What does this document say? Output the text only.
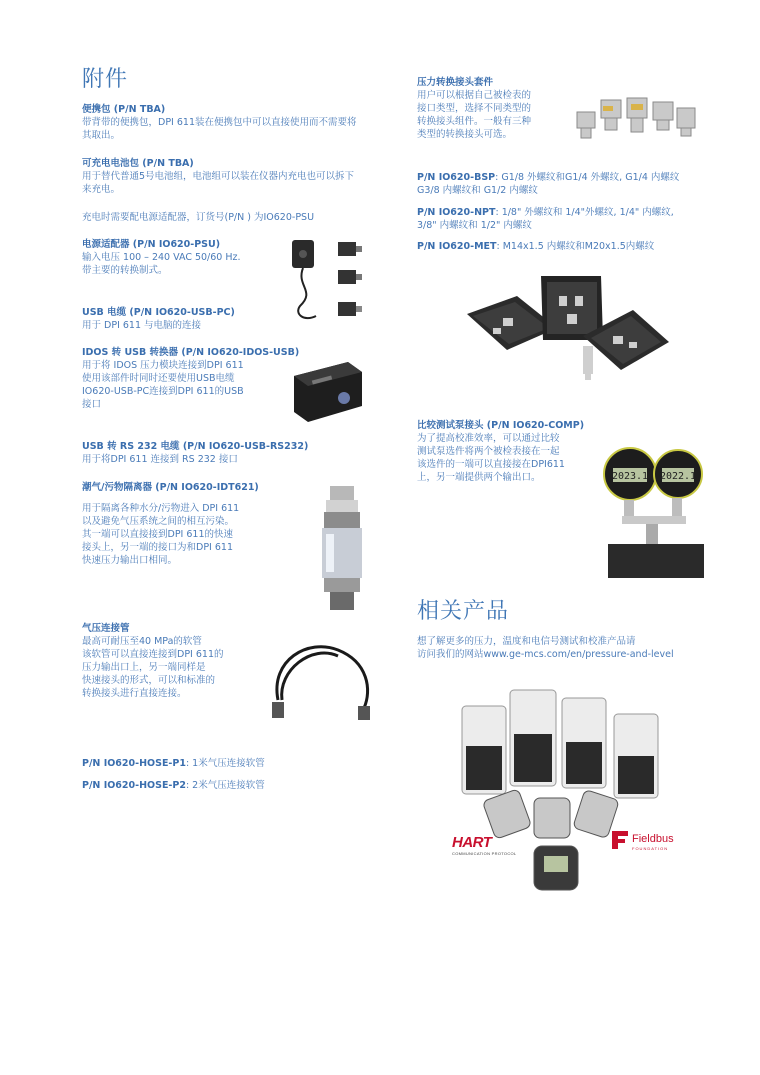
附件
便携包 (P/N TBA)
带背带的便携包，DPI 611装在便携包中可以直接使用而不需要将其取出。
可充电电池包 (P/N TBA)
用于替代普通5号电池组，电池组可以装在仪器内充电也可以拆下来充电。
充电时需要配电源适配器，订货号(P/N ) 为IO620-PSU
电源适配器 (P/N IO620-PSU)
输入电压 100 – 240 VAC 50/60 Hz.
带主要的转换制式。
USB 电缆 (P/N IO620-USB-PC)
用于 DPI 611 与电脑的连接
IDOS 转 USB 转换器 (P/N IO620-IDOS-USB)
用于将 IDOS 压力模块连接到DPI 611
使用该部件时同时还要使用USB电缆
IO620-USB-PC连接到DPI 611的USB
接口
USB 转 RS 232 电缆 (P/N IO620-USB-RS232)
用于将DPI 611 连接到 RS 232 接口
潮气/污物隔离器 (P/N IO620-IDT621)
用于隔离各种水分/污物进入 DPI 611
以及避免气压系统之间的相互污染。
其一端可以直接接到DPI 611的快速
接头上，另一端的接口为和DPI 611
快速压力输出口相同。
气压连接管
最高可耐压至40 MPa的软管
该软管可以直接连接到DPI 611的
压力输出口上，另一端同样是
快速接头的形式，可以和标准的
转换接头进行直接连接。
P/N IO620-HOSE-P1: 1米气压连接软管
P/N IO620-HOSE-P2: 2米气压连接软管
压力转换接头套件
用户可以根据自己被检表的
接口类型，选择不同类型的
转换接头组件。一般有三种
类型的转换接头可选。
P/N IO620-BSP: G1/8 外螺纹和G1/4 外螺纹, G1/4 内螺纹
G3/8 内螺纹和 G1/2 内螺纹
P/N IO620-NPT: 1/8" 外螺纹和 1/4"外螺纹, 1/4" 内螺纹,
3/8" 内螺纹和 1/2" 内螺纹
P/N IO620-MET: M14x1.5 内螺纹和M20x1.5内螺纹
比较测试泵接头 (P/N IO620-COMP)
为了提高校准效率，可以通过比较
测试泵选件将两个被检表接在一起
该选件的一端可以直接接在DPI611
上，另一端提供两个输出口。	2023.1 2022.1
相关产品
想了解更多的压力，温度和电信号测试和校准产品请
访问我们的网站www.ge-mcs.com/en/pressure-and-level
HART
COMMUNICATION PROTOCOL
Fieldbus
FOUNDATION
